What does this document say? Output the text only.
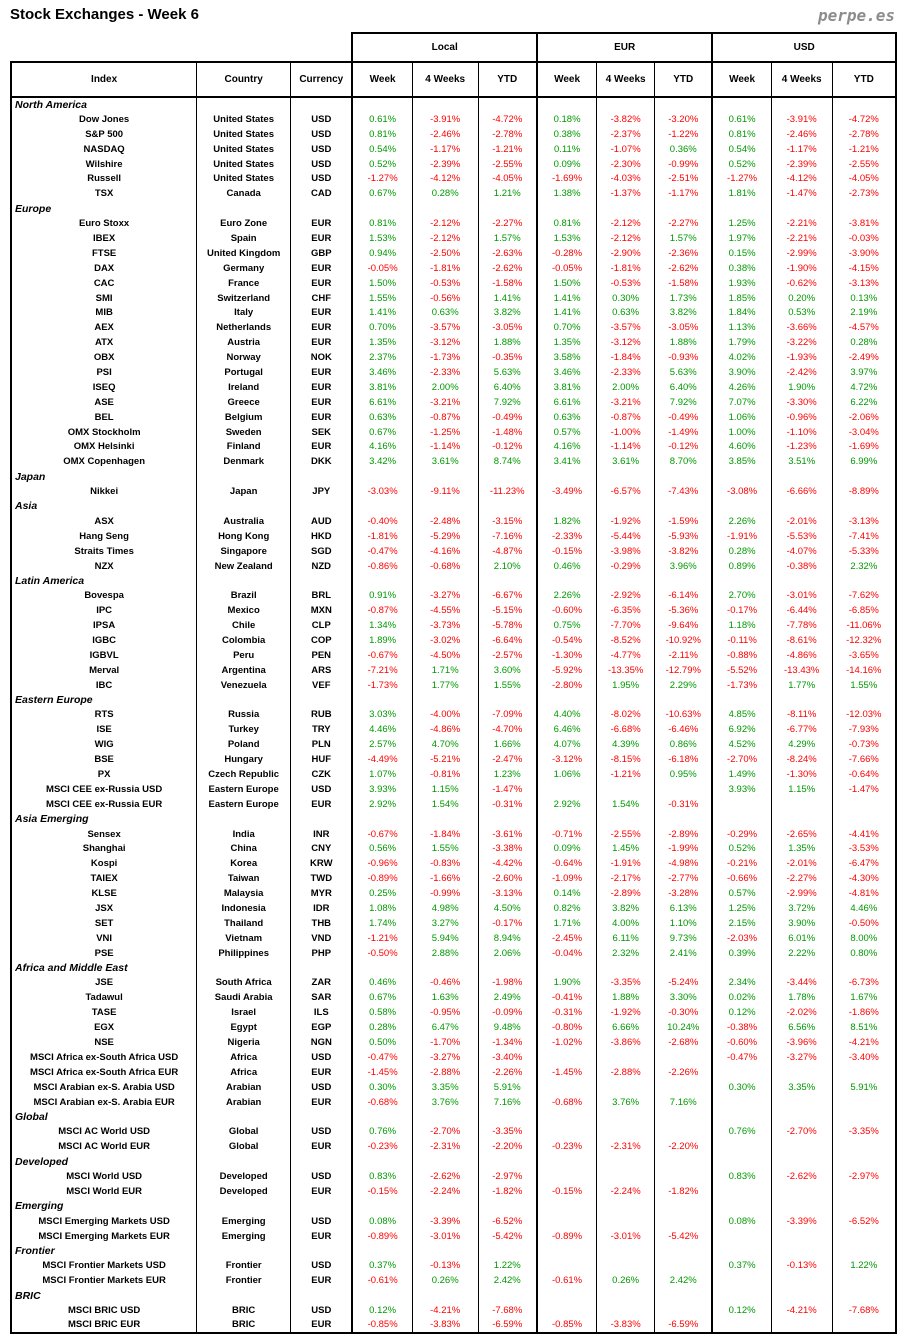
Stock Exchanges - Week 6	perpe.es
			Local			EUR			USD		
Index	Country	Currency	Week	4 Weeks	YTD	Week	4 Weeks	YTD	Week	4 Weeks	YTD
North America											
Dow Jones	United States	USD	0.61%	-3.91%	-4.72%	0.18%	-3.82%	-3.20%	0.61%	-3.91%	-4.72%
S&P 500	United States	USD	0.81%	-2.46%	-2.78%	0.38%	-2.37%	-1.22%	0.81%	-2.46%	-2.78%
NASDAQ	United States	USD	0.54%	-1.17%	-1.21%	0.11%	-1.07%	0.36%	0.54%	-1.17%	-1.21%
Wilshire	United States	USD	0.52%	-2.39%	-2.55%	0.09%	-2.30%	-0.99%	0.52%	-2.39%	-2.55%
Russell	United States	USD	-1.27%	-4.12%	-4.05%	-1.69%	-4.03%	-2.51%	-1.27%	-4.12%	-4.05%
TSX	Canada	CAD	0.67%	0.28%	1.21%	1.38%	-1.37%	-1.17%	1.81%	-1.47%	-2.73%
Europe											
Euro Stoxx	Euro Zone	EUR	0.81%	-2.12%	-2.27%	0.81%	-2.12%	-2.27%	1.25%	-2.21%	-3.81%
IBEX	Spain	EUR	1.53%	-2.12%	1.57%	1.53%	-2.12%	1.57%	1.97%	-2.21%	-0.03%
FTSE	United Kingdom	GBP	0.94%	-2.50%	-2.63%	-0.28%	-2.90%	-2.36%	0.15%	-2.99%	-3.90%
DAX	Germany	EUR	-0.05%	-1.81%	-2.62%	-0.05%	-1.81%	-2.62%	0.38%	-1.90%	-4.15%
CAC	France	EUR	1.50%	-0.53%	-1.58%	1.50%	-0.53%	-1.58%	1.93%	-0.62%	-3.13%
SMI	Switzerland	CHF	1.55%	-0.56%	1.41%	1.41%	0.30%	1.73%	1.85%	0.20%	0.13%
MIB	Italy	EUR	1.41%	0.63%	3.82%	1.41%	0.63%	3.82%	1.84%	0.53%	2.19%
AEX	Netherlands	EUR	0.70%	-3.57%	-3.05%	0.70%	-3.57%	-3.05%	1.13%	-3.66%	-4.57%
ATX	Austria	EUR	1.35%	-3.12%	1.88%	1.35%	-3.12%	1.88%	1.79%	-3.22%	0.28%
OBX	Norway	NOK	2.37%	-1.73%	-0.35%	3.58%	-1.84%	-0.93%	4.02%	-1.93%	-2.49%
PSI	Portugal	EUR	3.46%	-2.33%	5.63%	3.46%	-2.33%	5.63%	3.90%	-2.42%	3.97%
ISEQ	Ireland	EUR	3.81%	2.00%	6.40%	3.81%	2.00%	6.40%	4.26%	1.90%	4.72%
ASE	Greece	EUR	6.61%	-3.21%	7.92%	6.61%	-3.21%	7.92%	7.07%	-3.30%	6.22%
BEL	Belgium	EUR	0.63%	-0.87%	-0.49%	0.63%	-0.87%	-0.49%	1.06%	-0.96%	-2.06%
OMX Stockholm	Sweden	SEK	0.67%	-1.25%	-1.48%	0.57%	-1.00%	-1.49%	1.00%	-1.10%	-3.04%
OMX Helsinki	Finland	EUR	4.16%	-1.14%	-0.12%	4.16%	-1.14%	-0.12%	4.60%	-1.23%	-1.69%
OMX Copenhagen	Denmark	DKK	3.42%	3.61%	8.74%	3.41%	3.61%	8.70%	3.85%	3.51%	6.99%
Japan											
Nikkei	Japan	JPY	-3.03%	-9.11%	-11.23%	-3.49%	-6.57%	-7.43%	-3.08%	-6.66%	-8.89%
Asia											
ASX	Australia	AUD	-0.40%	-2.48%	-3.15%	1.82%	-1.92%	-1.59%	2.26%	-2.01%	-3.13%
Hang Seng	Hong Kong	HKD	-1.81%	-5.29%	-7.16%	-2.33%	-5.44%	-5.93%	-1.91%	-5.53%	-7.41%
Straits Times	Singapore	SGD	-0.47%	-4.16%	-4.87%	-0.15%	-3.98%	-3.82%	0.28%	-4.07%	-5.33%
NZX	New Zealand	NZD	-0.86%	-0.68%	2.10%	0.46%	-0.29%	3.96%	0.89%	-0.38%	2.32%
Latin America											
Bovespa	Brazil	BRL	0.91%	-3.27%	-6.67%	2.26%	-2.92%	-6.14%	2.70%	-3.01%	-7.62%
IPC	Mexico	MXN	-0.87%	-4.55%	-5.15%	-0.60%	-6.35%	-5.36%	-0.17%	-6.44%	-6.85%
IPSA	Chile	CLP	1.34%	-3.73%	-5.78%	0.75%	-7.70%	-9.64%	1.18%	-7.78%	-11.06%
IGBC	Colombia	COP	1.89%	-3.02%	-6.64%	-0.54%	-8.52%	-10.92%	-0.11%	-8.61%	-12.32%
IGBVL	Peru	PEN	-0.67%	-4.50%	-2.57%	-1.30%	-4.77%	-2.11%	-0.88%	-4.86%	-3.65%
Merval	Argentina	ARS	-7.21%	1.71%	3.60%	-5.92%	-13.35%	-12.79%	-5.52%	-13.43%	-14.16%
IBC	Venezuela	VEF	-1.73%	1.77%	1.55%	-2.80%	1.95%	2.29%	-1.73%	1.77%	1.55%
Eastern Europe											
RTS	Russia	RUB	3.03%	-4.00%	-7.09%	4.40%	-8.02%	-10.63%	4.85%	-8.11%	-12.03%
ISE	Turkey	TRY	4.46%	-4.86%	-4.70%	6.46%	-6.68%	-6.46%	6.92%	-6.77%	-7.93%
WIG	Poland	PLN	2.57%	4.70%	1.66%	4.07%	4.39%	0.86%	4.52%	4.29%	-0.73%
BSE	Hungary	HUF	-4.49%	-5.21%	-2.47%	-3.12%	-8.15%	-6.18%	-2.70%	-8.24%	-7.66%
PX	Czech Republic	CZK	1.07%	-0.81%	1.23%	1.06%	-1.21%	0.95%	1.49%	-1.30%	-0.64%
MSCI CEE ex-Russia USD	Eastern Europe	USD	3.93%	1.15%	-1.47%				3.93%	1.15%	-1.47%
MSCI CEE ex-Russia EUR	Eastern Europe	EUR	2.92%	1.54%	-0.31%	2.92%	1.54%	-0.31%			
Asia Emerging											
Sensex	India	INR	-0.67%	-1.84%	-3.61%	-0.71%	-2.55%	-2.89%	-0.29%	-2.65%	-4.41%
Shanghai	China	CNY	0.56%	1.55%	-3.38%	0.09%	1.45%	-1.99%	0.52%	1.35%	-3.53%
Kospi	Korea	KRW	-0.96%	-0.83%	-4.42%	-0.64%	-1.91%	-4.98%	-0.21%	-2.01%	-6.47%
TAIEX	Taiwan	TWD	-0.89%	-1.66%	-2.60%	-1.09%	-2.17%	-2.77%	-0.66%	-2.27%	-4.30%
KLSE	Malaysia	MYR	0.25%	-0.99%	-3.13%	0.14%	-2.89%	-3.28%	0.57%	-2.99%	-4.81%
JSX	Indonesia	IDR	1.08%	4.98%	4.50%	0.82%	3.82%	6.13%	1.25%	3.72%	4.46%
SET	Thailand	THB	1.74%	3.27%	-0.17%	1.71%	4.00%	1.10%	2.15%	3.90%	-0.50%
VNI	Vietnam	VND	-1.21%	5.94%	8.94%	-2.45%	6.11%	9.73%	-2.03%	6.01%	8.00%
PSE	Philippines	PHP	-0.50%	2.88%	2.06%	-0.04%	2.32%	2.41%	0.39%	2.22%	0.80%
Africa and Middle East											
JSE	South Africa	ZAR	0.46%	-0.46%	-1.98%	1.90%	-3.35%	-5.24%	2.34%	-3.44%	-6.73%
Tadawul	Saudi Arabia	SAR	0.67%	1.63%	2.49%	-0.41%	1.88%	3.30%	0.02%	1.78%	1.67%
TASE	Israel	ILS	0.58%	-0.95%	-0.09%	-0.31%	-1.92%	-0.30%	0.12%	-2.02%	-1.86%
EGX	Egypt	EGP	0.28%	6.47%	9.48%	-0.80%	6.66%	10.24%	-0.38%	6.56%	8.51%
NSE	Nigeria	NGN	0.50%	-1.70%	-1.34%	-1.02%	-3.86%	-2.68%	-0.60%	-3.96%	-4.21%
MSCI Africa ex-South Africa USD	Africa	USD	-0.47%	-3.27%	-3.40%				-0.47%	-3.27%	-3.40%
MSCI Africa ex-South Africa EUR	Africa	EUR	-1.45%	-2.88%	-2.26%	-1.45%	-2.88%	-2.26%			
MSCI Arabian ex-S. Arabia USD	Arabian	USD	0.30%	3.35%	5.91%				0.30%	3.35%	5.91%
MSCI Arabian ex-S. Arabia EUR	Arabian	EUR	-0.68%	3.76%	7.16%	-0.68%	3.76%	7.16%			
Global											
MSCI AC World USD	Global	USD	0.76%	-2.70%	-3.35%				0.76%	-2.70%	-3.35%
MSCI AC World EUR	Global	EUR	-0.23%	-2.31%	-2.20%	-0.23%	-2.31%	-2.20%			
Developed											
MSCI World USD	Developed	USD	0.83%	-2.62%	-2.97%				0.83%	-2.62%	-2.97%
MSCI World EUR	Developed	EUR	-0.15%	-2.24%	-1.82%	-0.15%	-2.24%	-1.82%			
Emerging											
MSCI Emerging Markets USD	Emerging	USD	0.08%	-3.39%	-6.52%				0.08%	-3.39%	-6.52%
MSCI Emerging Markets EUR	Emerging	EUR	-0.89%	-3.01%	-5.42%	-0.89%	-3.01%	-5.42%			
Frontier											
MSCI Frontier Markets USD	Frontier	USD	0.37%	-0.13%	1.22%				0.37%	-0.13%	1.22%
MSCI Frontier Markets EUR	Frontier	EUR	-0.61%	0.26%	2.42%	-0.61%	0.26%	2.42%			
BRIC											
MSCI BRIC USD	BRIC	USD	0.12%	-4.21%	-7.68%				0.12%	-4.21%	-7.68%
MSCI BRIC EUR	BRIC	EUR	-0.85%	-3.83%	-6.59%	-0.85%	-3.83%	-6.59%			
